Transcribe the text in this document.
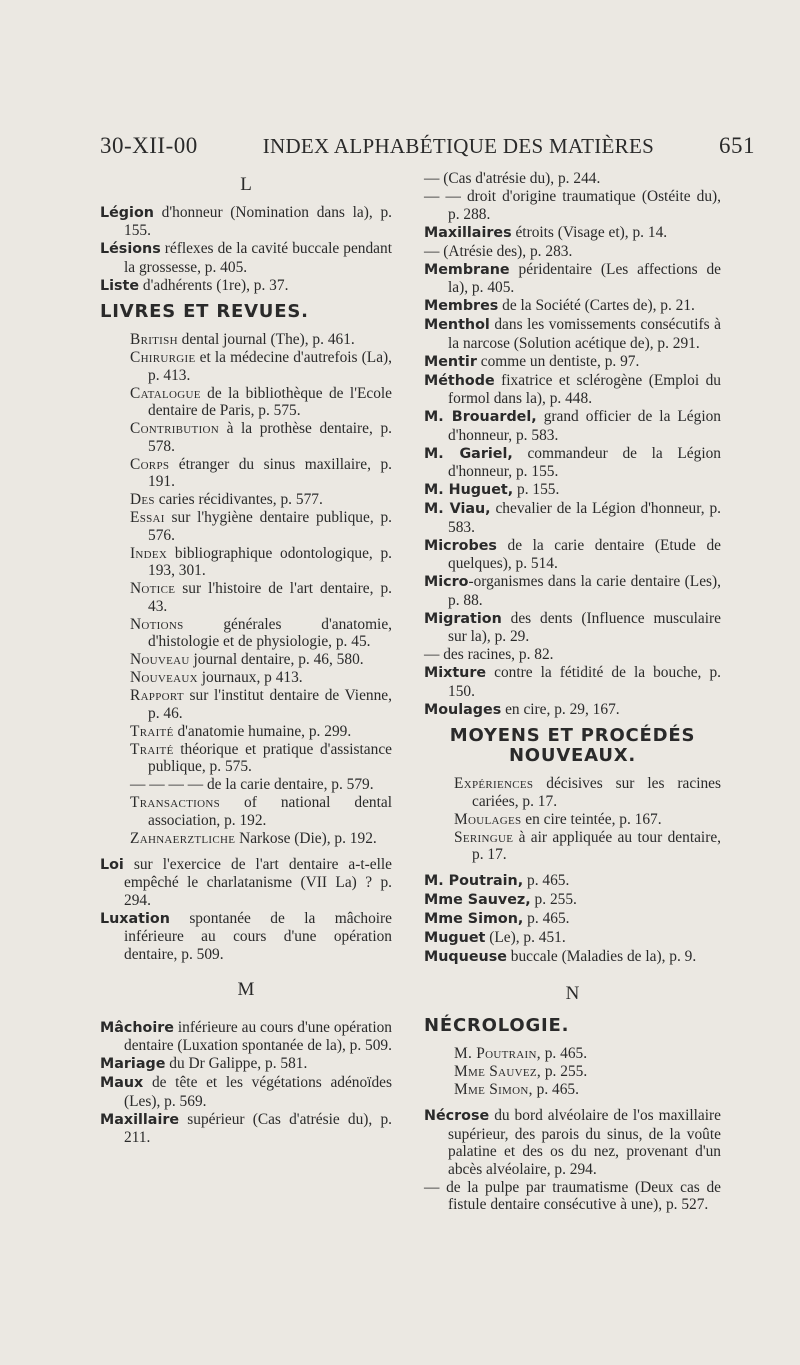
30-XII-00	INDEX ALPHABÉTIQUE DES MATIÈRES	651
L

Légion d'honneur (Nomination dans la), p. 155.

Lésions réflexes de la cavité buccale pendant la grossesse, p. 405.

Liste d'adhérents (1re), p. 37.

LIVRES ET REVUES.

British dental journal (The), p. 461.

Chirurgie et la médecine d'autrefois (La), p. 413.

Catalogue de la bibliothèque de l'Ecole dentaire de Paris, p. 575.

Contribution à la prothèse dentaire, p. 578.

Corps étranger du sinus maxillaire, p. 191.

Des caries récidivantes, p. 577.

Essai sur l'hygiène dentaire publique, p. 576.

Index bibliographique odontologique, p. 193, 301.

Notice sur l'histoire de l'art dentaire, p. 43.

Notions générales d'anatomie, d'histologie et de physiologie, p. 45.

Nouveau journal dentaire, p. 46, 580.

Nouveaux journaux, p 413.

Rapport sur l'institut dentaire de Vienne, p. 46.

Traité d'anatomie humaine, p. 299.

Traité théorique et pratique d'assistance publique, p. 575.

— — — — de la carie dentaire, p. 579.

Transactions of national dental association, p. 192.

Zahnaerztliche Narkose (Die), p. 192.

Loi sur l'exercice de l'art dentaire a-t-elle empêché le charlatanisme (VII La) ? p. 294.

Luxation spontanée de la mâchoire inférieure au cours d'une opération dentaire, p. 509.

M

Mâchoire inférieure au cours d'une opération dentaire (Luxation spontanée de la), p. 509.

Mariage du Dr Galippe, p. 581.

Maux de tête et les végétations adénoïdes (Les), p. 569.

Maxillaire supérieur (Cas d'atrésie du), p. 211.

— (Cas d'atrésie du), p. 244.

— — droit d'origine traumatique (Ostéite du), p. 288.

Maxillaires étroits (Visage et), p. 14.

— (Atrésie des), p. 283.

Membrane péridentaire (Les affections de la), p. 405.

Membres de la Société (Cartes de), p. 21.

Menthol dans les vomissements consécutifs à la narcose (Solution acétique de), p. 291.

Mentir comme un dentiste, p. 97.

Méthode fixatrice et sclérogène (Emploi du formol dans la), p. 448.

M. Brouardel, grand officier de la Légion d'honneur, p. 583.

M. Gariel, commandeur de la Légion d'honneur, p. 155.

M. Huguet, p. 155.

M. Viau, chevalier de la Légion d'honneur, p. 583.

Microbes de la carie dentaire (Etude de quelques), p. 514.

Micro-organismes dans la carie dentaire (Les), p. 88.

Migration des dents (Influence musculaire sur la), p. 29.

— des racines, p. 82.

Mixture contre la fétidité de la bouche, p. 150.

Moulages en cire, p. 29, 167.

MOYENS ET PROCÉDÉS NOUVEAUX.

Expériences décisives sur les racines cariées, p. 17.

Moulages en cire teintée, p. 167.

Seringue à air appliquée au tour dentaire, p. 17.

M. Poutrain, p. 465.

Mme Sauvez, p. 255.

Mme Simon, p. 465.

Muguet (Le), p. 451.

Muqueuse buccale (Maladies de la), p. 9.

N
NÉCROLOGIE.

M. Poutrain, p. 465.

Mme Sauvez, p. 255.

Mme Simon, p. 465.

Nécrose du bord alvéolaire de l'os maxillaire supérieur, des parois du sinus, de la voûte palatine et des os du nez, provenant d'un abcès alvéolaire, p. 294.

— de la pulpe par traumatisme (Deux cas de fistule dentaire consécutive à une), p. 527.
